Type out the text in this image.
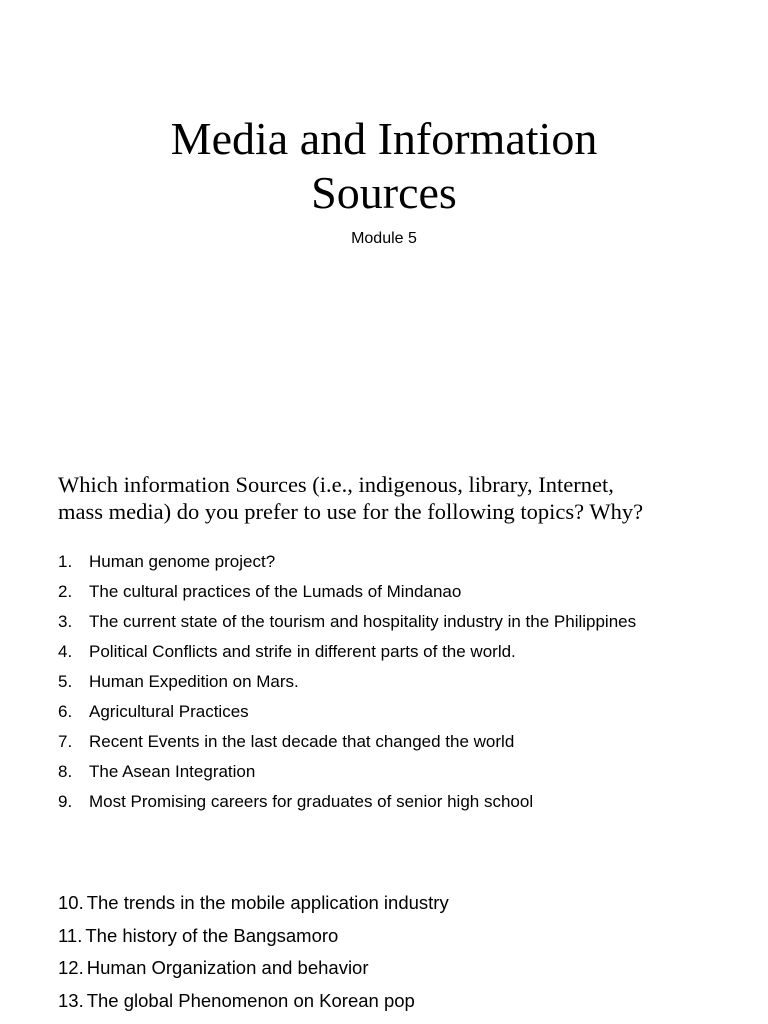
Media and Information
Sources
Module 5
Which information Sources (i.e., indigenous, library, Internet,
mass media) do you prefer to use for the following topics? Why?
1. Human genome project?
2. The cultural practices of the Lumads of Mindanao
3. The current state of the tourism and hospitality industry in the Philippines
4. Political Conflicts and strife in different parts of the world.
5. Human Expedition on Mars.
6. Agricultural Practices
7. Recent Events in the last decade that changed the world
8. The Asean Integration
9. Most Promising careers for graduates of senior high school
10. The trends in the mobile application industry
11. The history of the Bangsamoro
12. Human Organization and behavior
13. The global Phenomenon on Korean pop
